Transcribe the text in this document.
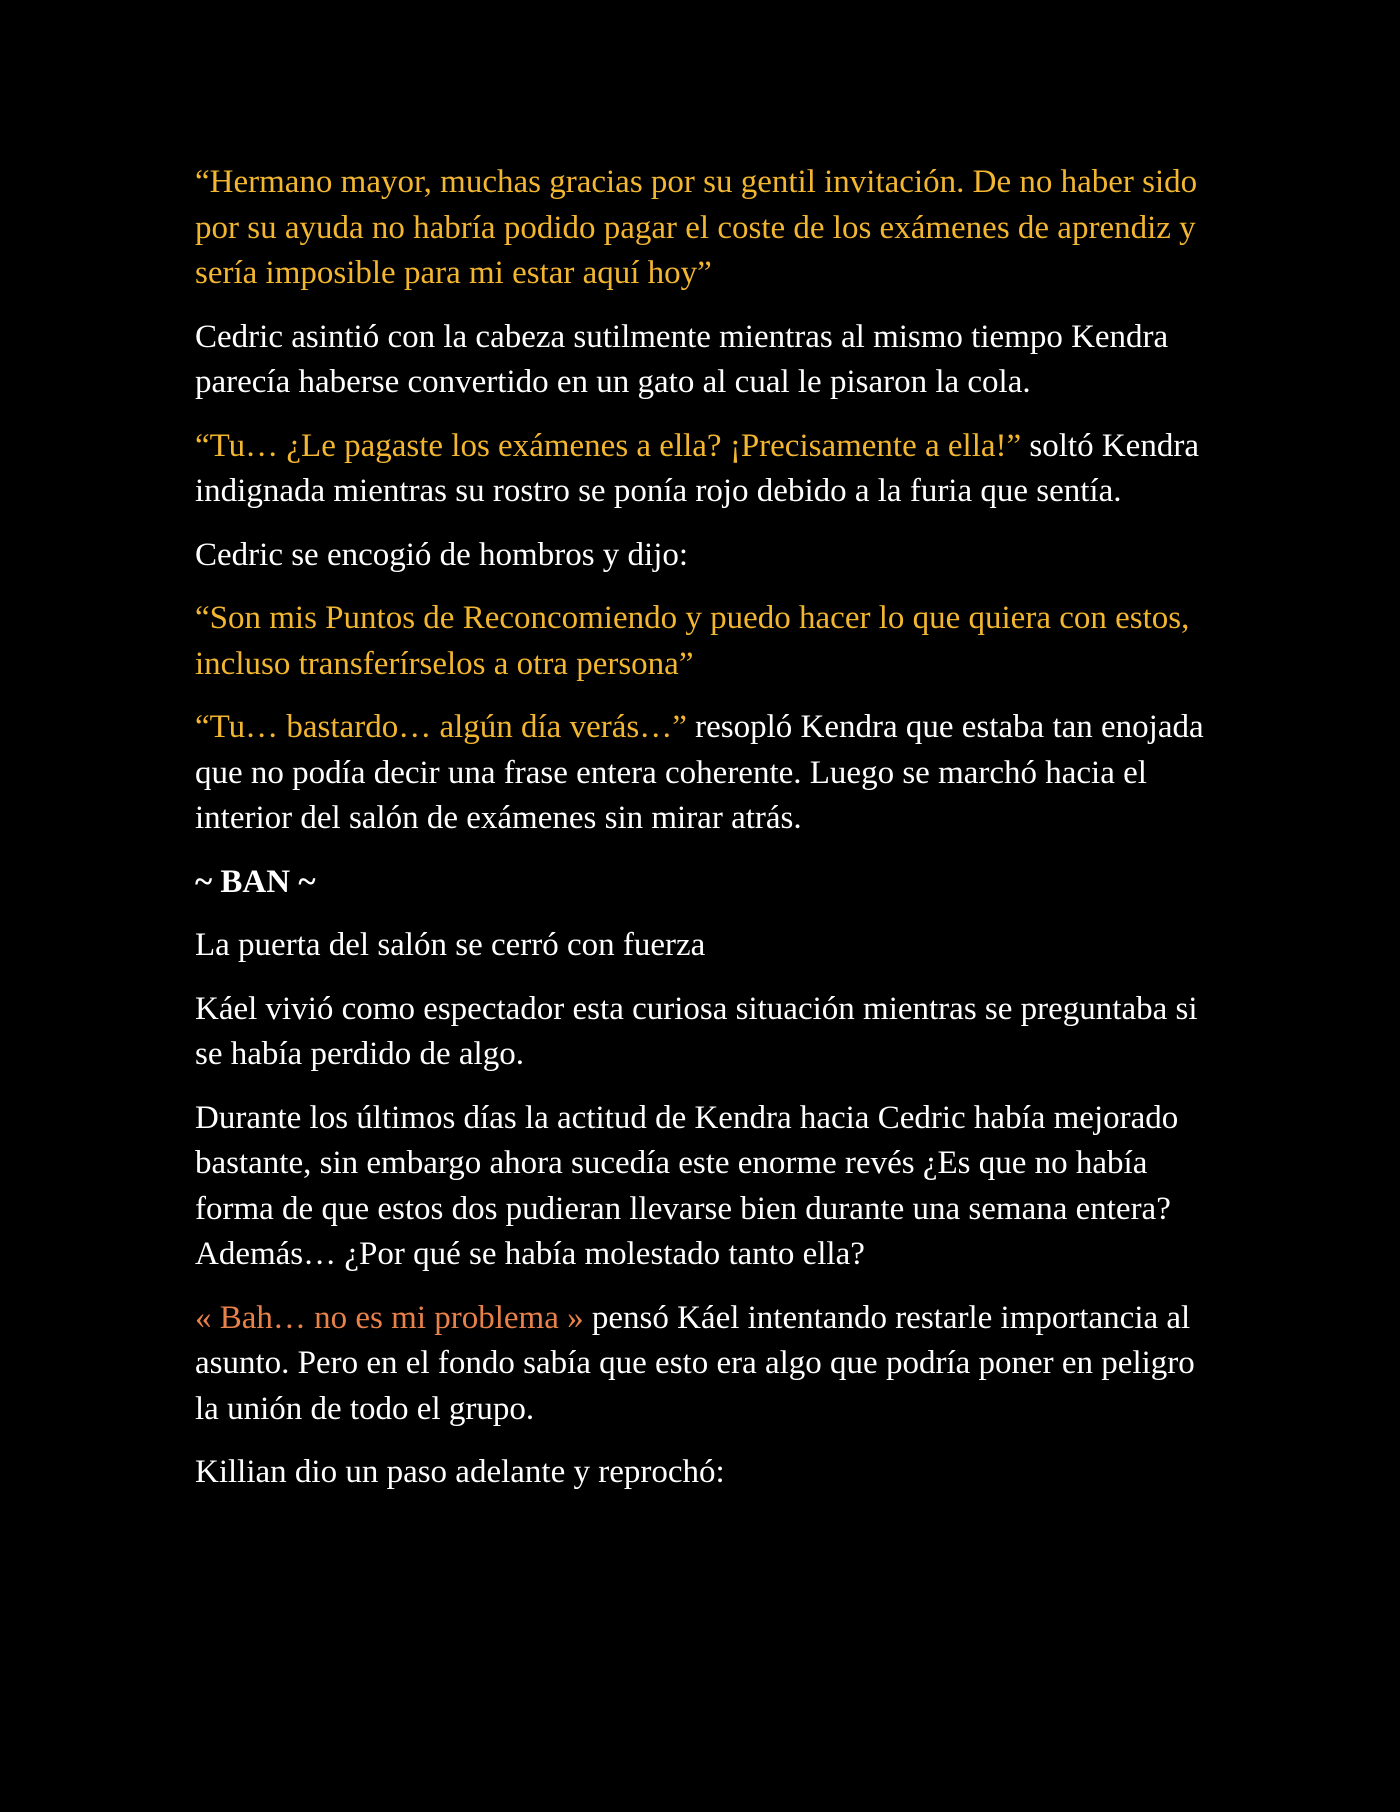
“Hermano mayor, muchas gracias por su gentil invitación. De no haber sido por su ayuda no habría podido pagar el coste de los exámenes de aprendiz y sería imposible para mi estar aquí hoy”

Cedric asintió con la cabeza sutilmente mientras al mismo tiempo Kendra parecía haberse convertido en un gato al cual le pisaron la cola.

“Tu… ¿Le pagaste los exámenes a ella? ¡Precisamente a ella!” soltó Kendra indignada mientras su rostro se ponía rojo debido a la furia que sentía.

Cedric se encogió de hombros y dijo:

“Son mis Puntos de Reconcomiendo y puedo hacer lo que quiera con estos, incluso transferírselos a otra persona”

“Tu… bastardo… algún día verás…” resopló Kendra que estaba tan enojada que no podía decir una frase entera coherente. Luego se marchó hacia el interior del salón de exámenes sin mirar atrás.

~ BAN ~

La puerta del salón se cerró con fuerza

Káel vivió como espectador esta curiosa situación mientras se preguntaba si se había perdido de algo.

Durante los últimos días la actitud de Kendra hacia Cedric había mejorado bastante, sin embargo ahora sucedía este enorme revés ¿Es que no había forma de que estos dos pudieran llevarse bien durante una semana entera? Además… ¿Por qué se había molestado tanto ella?

« Bah… no es mi problema » pensó Káel intentando restarle importancia al asunto. Pero en el fondo sabía que esto era algo que podría poner en peligro la unión de todo el grupo.

Killian dio un paso adelante y reprochó:
